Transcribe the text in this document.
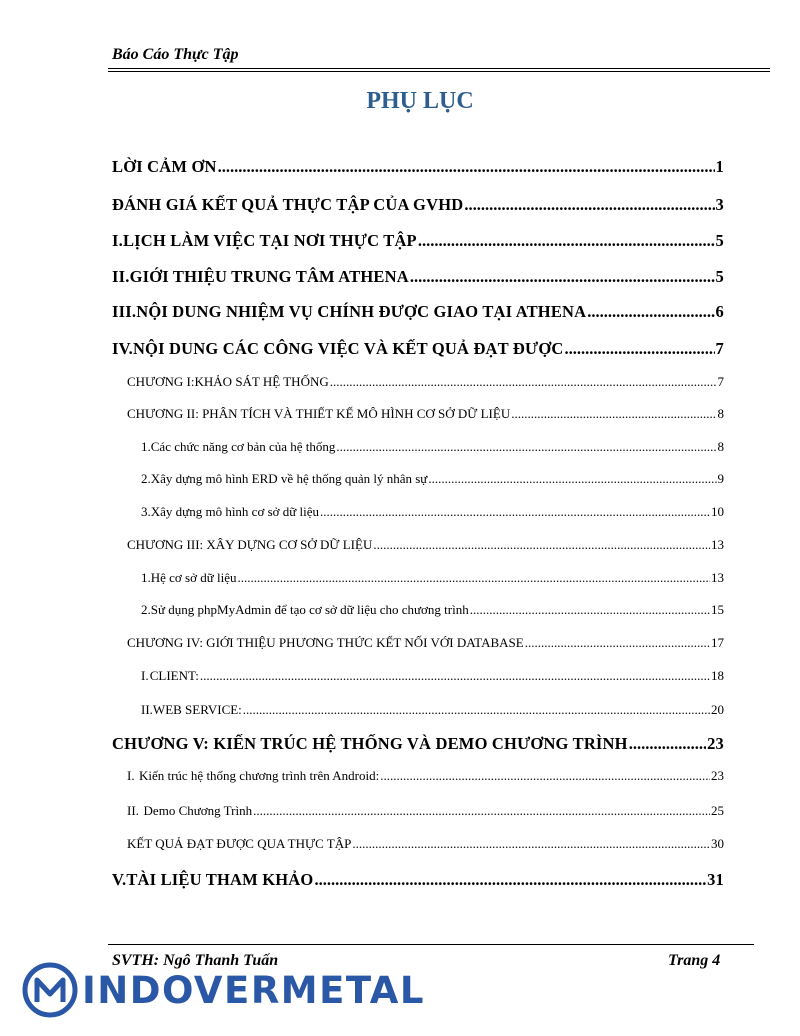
Báo Cáo Thực Tập
PHỤ LỤC
LỜI CẢM ƠN .....	1
ĐÁNH GIÁ KẾT QUẢ THỰC TẬP CỦA GVHD .....	3
I. LỊCH LÀM VIỆC TẠI NƠI THỰC TẬP .....	5
II. GIỚI THIỆU TRUNG TÂM ATHENA .....	5
III. NỘI DUNG NHIỆM VỤ CHÍNH ĐƯỢC GIAO TẠI ATHENA .....	6
IV. NỘI DUNG CÁC CÔNG VIỆC VÀ KẾT QUẢ ĐẠT ĐƯỢC .....	7
CHƯƠNG I: KHẢO SÁT HỆ THỐNG .....	7
CHƯƠNG II: PHÂN TÍCH VÀ THIẾT KẾ MÔ HÌNH CƠ SỞ DỮ LIỆU .....	8
1. Các chức năng cơ bản của hệ thống .....	8
2. Xây dựng mô hình ERD về hệ thống quản lý nhân sự .....	9
3. Xây dựng mô hình cơ sở dữ liệu .....	10
CHƯƠNG III: XÂY DỰNG CƠ SỞ DỮ LIỆU .....	13
1. Hệ cơ sở dữ liệu .....	13
2. Sử dụng phpMyAdmin để tạo cơ sở dữ liệu cho chương trình .....	15
CHƯƠNG IV: GIỚI THIỆU PHƯƠNG THỨC KẾT NỐI VỚI DATABASE .....	17
I. CLIENT: .....	18
II. WEB SERVICE: .....	20
CHƯƠNG V: KIẾN TRÚC HỆ THỐNG VÀ DEMO CHƯƠNG TRÌNH .....	23
I. Kiến trúc hệ thống chương trình trên Android: .....	23
II. Demo Chương Trình .....	25
KẾT QUẢ ĐẠT ĐƯỢC QUA THỰC TẬP .....	30
V. TÀI LIỆU THAM KHẢO .....	31
SVTH: Ngô Thanh Tuấn	Trang 4
INDOVERMETAL
